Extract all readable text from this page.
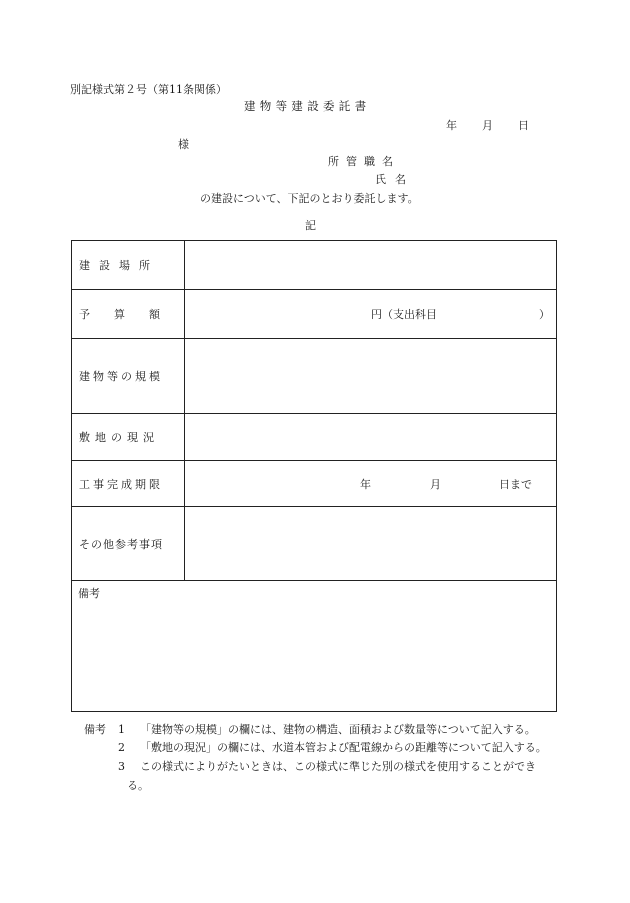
別記様式第２号（第11条関係）
建物等建設委託書
年 月 日
様
所管職名
氏名
の建設について、下記のとおり委託します。
記
建設場所	

予算額	円（支出科目 ）

建物等の規模	

敷地の現況	

工事完成期限	年 月 日まで

その他参考事項	

備考	
備考 1 「建物等の規模」の欄には、建物の構造、面積および数量等について記入する。
2 「敷地の現況」の欄には、水道本管および配電線からの距離等について記入する。
3 この様式によりがたいときは、この様式に準じた別の様式を使用することができ
る。
